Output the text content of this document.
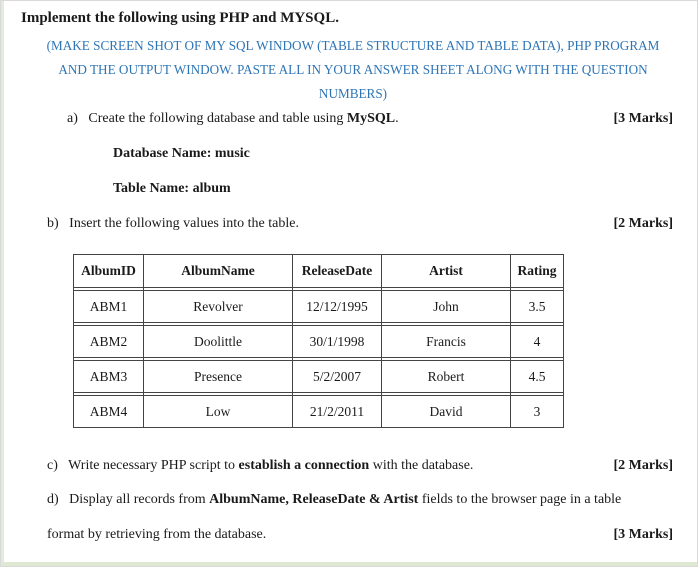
Implement the following using PHP and MYSQL.
(MAKE SCREEN SHOT OF MY SQL WINDOW (TABLE STRUCTURE AND TABLE DATA), PHP PROGRAM
AND THE OUTPUT WINDOW. PASTE ALL IN YOUR ANSWER SHEET ALONG WITH THE QUESTION
NUMBERS)
a) Create the following database and table using MySQL.	[3 Marks]
Database Name: music
Table Name: album
b) Insert the following values into the table.	[2 Marks]
AlbumID	AlbumName	ReleaseDate	Artist	Rating

ABM1	Revolver	12/12/1995	John	3.5

ABM2	Doolittle	30/1/1998	Francis	4

ABM3	Presence	5/2/2007	Robert	4.5

ABM4	Low	21/2/2011	David	3
c) Write necessary PHP script to establish a connection with the database.	[2 Marks]
d) Display all records from AlbumName, ReleaseDate & Artist fields to the browser page in a table
format by retrieving from the database.	[3 Marks]
